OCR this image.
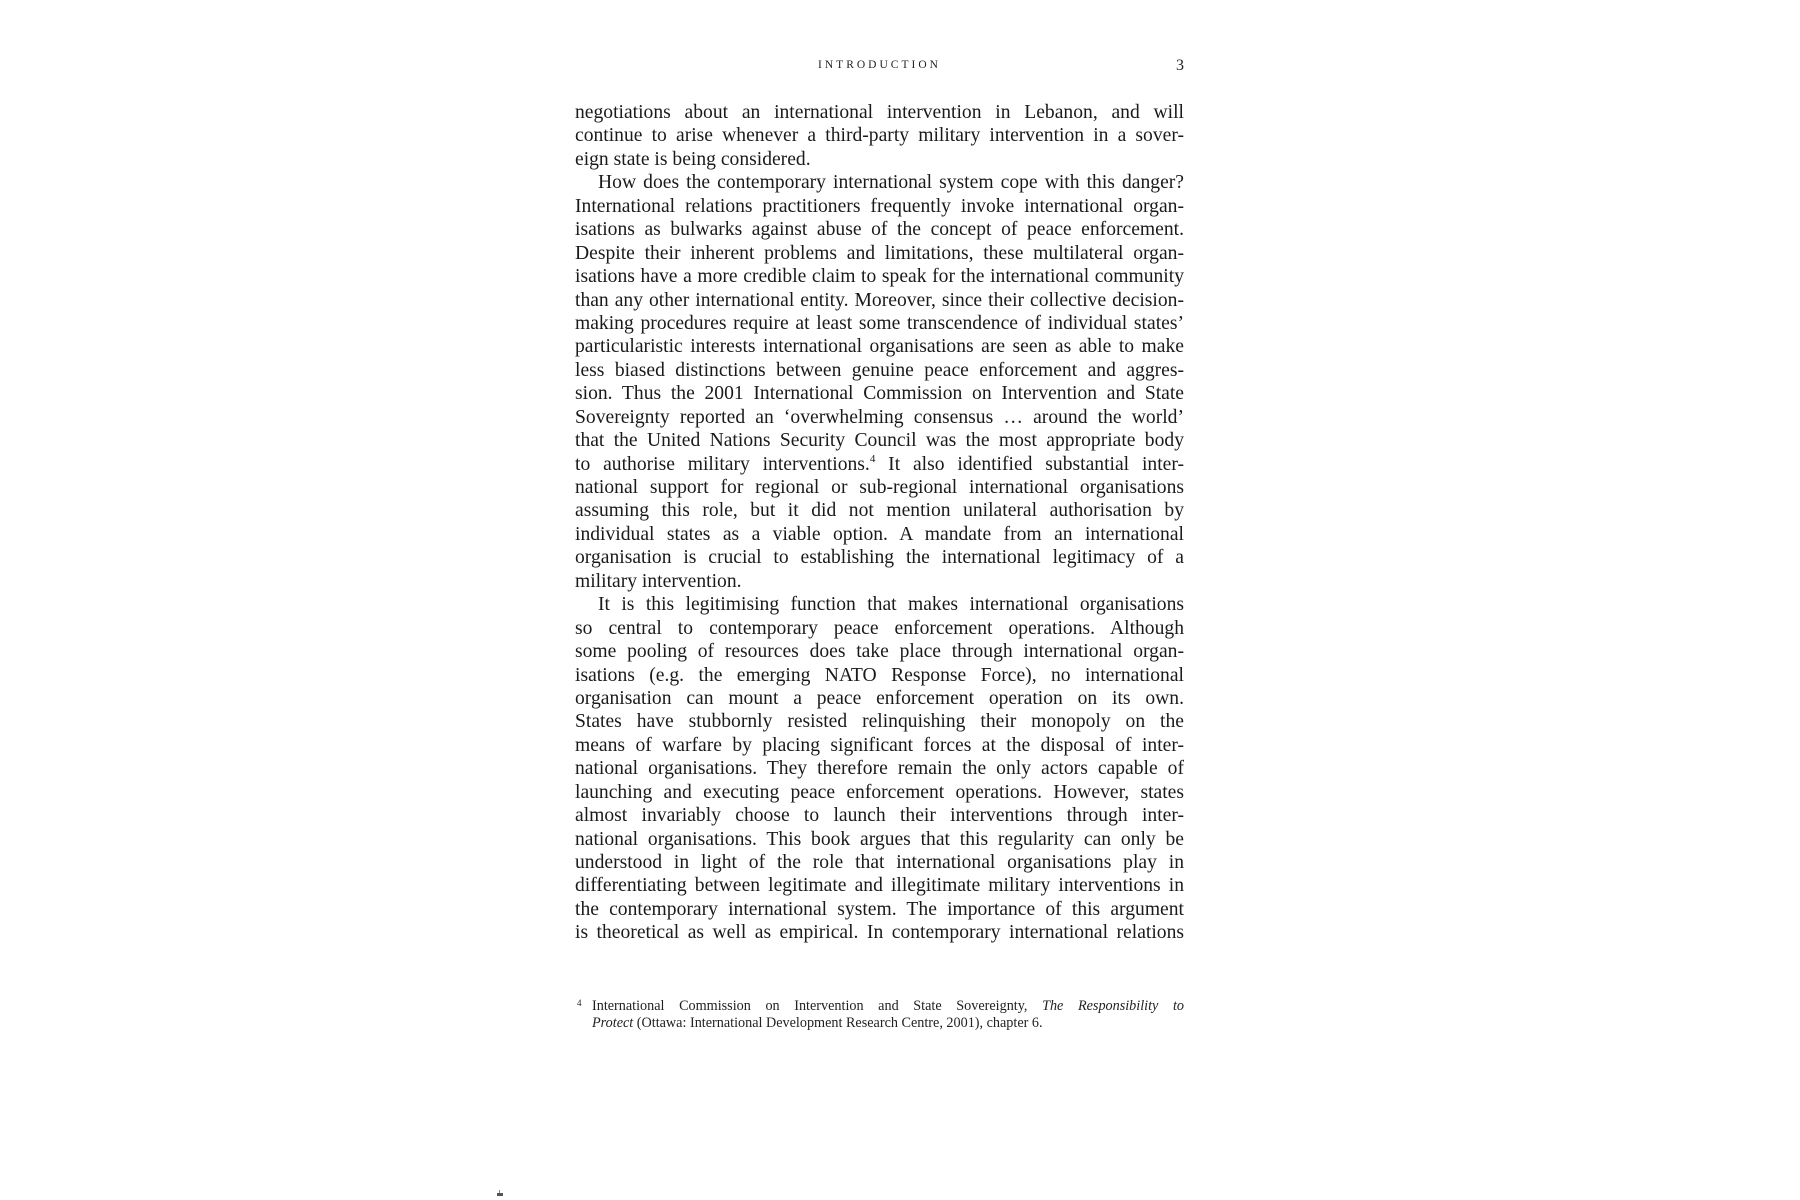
INTRODUCTION	3
negotiations about an international intervention in Lebanon, and will
continue to arise whenever a third-party military intervention in a sover-
eign state is being considered.
How does the contemporary international system cope with this danger?
International relations practitioners frequently invoke international organ-
isations as bulwarks against abuse of the concept of peace enforcement.
Despite their inherent problems and limitations, these multilateral organ-
isations have a more credible claim to speak for the international community
than any other international entity. Moreover, since their collective decision-
making procedures require at least some transcendence of individual states’
particularistic interests international organisations are seen as able to make
less biased distinctions between genuine peace enforcement and aggres-
sion. Thus the 2001 International Commission on Intervention and State
Sovereignty reported an ‘overwhelming consensus … around the world’
that the United Nations Security Council was the most appropriate body
to authorise military interventions.$^4$ It also identified substantial inter-
national support for regional or sub-regional international organisations
assuming this role, but it did not mention unilateral authorisation by
individual states as a viable option. A mandate from an international
organisation is crucial to establishing the international legitimacy of a
military intervention.
It is this legitimising function that makes international organisations
so central to contemporary peace enforcement operations. Although
some pooling of resources does take place through international organ-
isations (e.g. the emerging NATO Response Force), no international
organisation can mount a peace enforcement operation on its own.
States have stubbornly resisted relinquishing their monopoly on the
means of warfare by placing significant forces at the disposal of inter-
national organisations. They therefore remain the only actors capable of
launching and executing peace enforcement operations. However, states
almost invariably choose to launch their interventions through inter-
national organisations. This book argues that this regularity can only be
understood in light of the role that international organisations play in
differentiating between legitimate and illegitimate military interventions in
the contemporary international system. The importance of this argument
is theoretical as well as empirical. In contemporary international relations
4 International Commission on Intervention and State Sovereignty, The Responsibility to
Protect (Ottawa: International Development Research Centre, 2001), chapter 6.
